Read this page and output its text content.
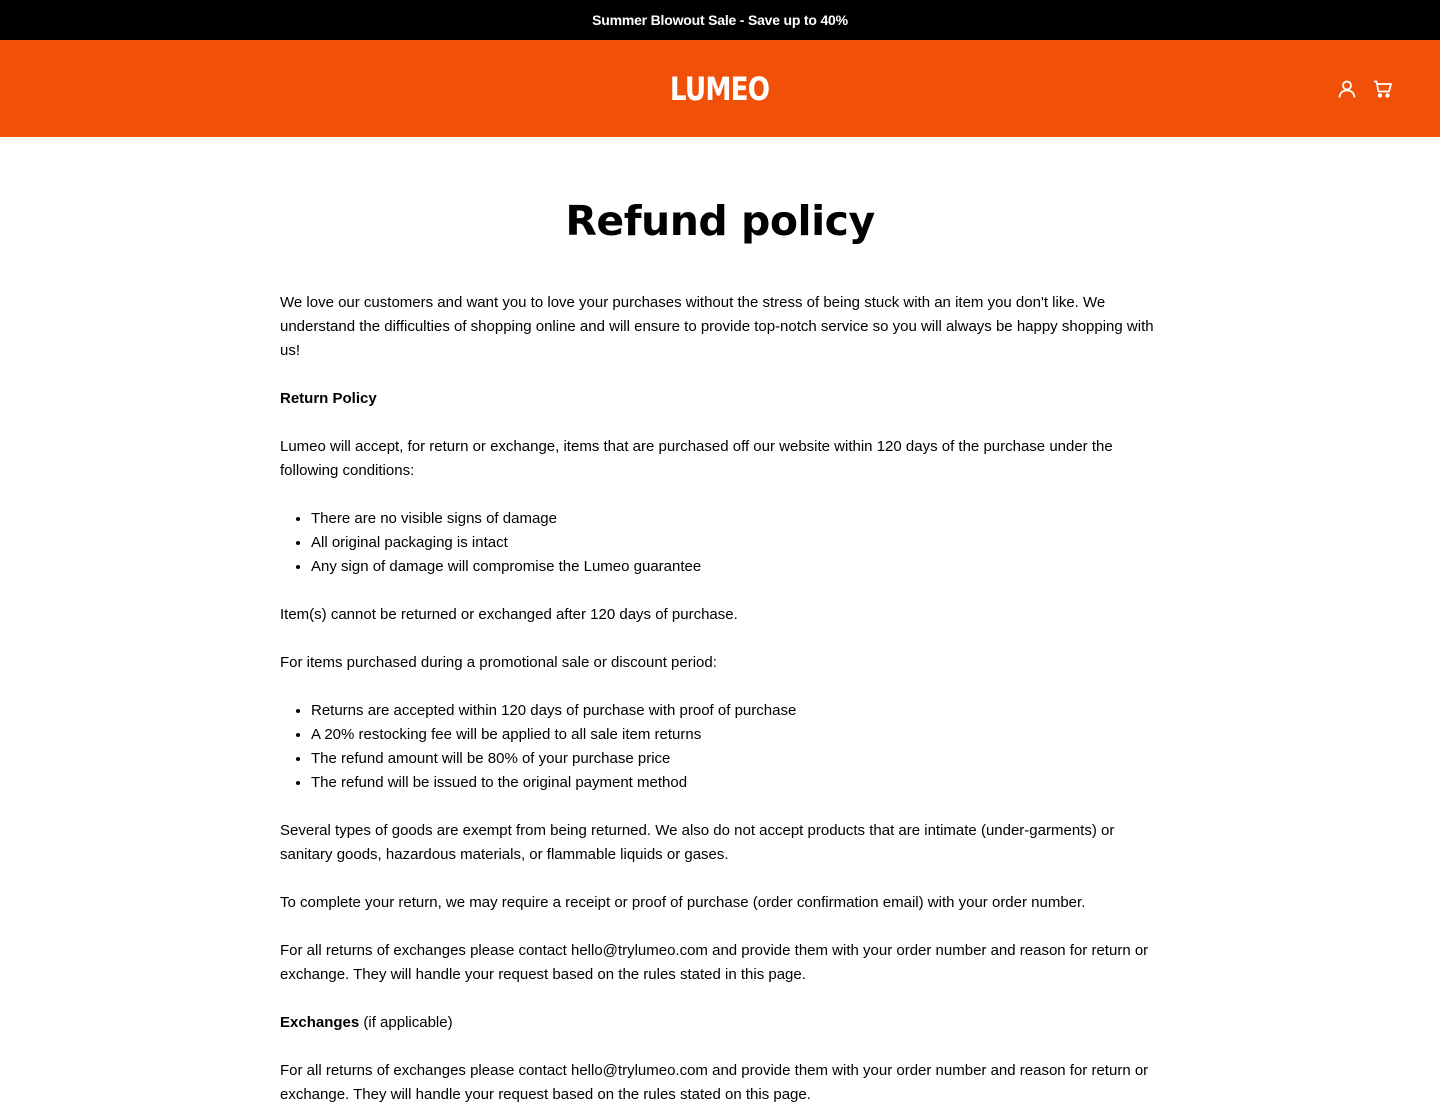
Summer Blowout Sale - Save up to 40%
LUMEO
Refund policy

We love our customers and want you to love your purchases without the stress of being stuck with an item you don't like. We understand the difficulties of shopping online and will ensure to provide top-notch service so you will always be happy shopping with us!

Return Policy

Lumeo will accept, for return or exchange, items that are purchased off our website within 120 days of the purchase under the following conditions:

• There are no visible signs of damage
• All original packaging is intact
• Any sign of damage will compromise the Lumeo guarantee

Item(s) cannot be returned or exchanged after 120 days of purchase.

For items purchased during a promotional sale or discount period:

• Returns are accepted within 120 days of purchase with proof of purchase
• A 20% restocking fee will be applied to all sale item returns
• The refund amount will be 80% of your purchase price
• The refund will be issued to the original payment method

Several types of goods are exempt from being returned. We also do not accept products that are intimate (under-garments) or sanitary goods, hazardous materials, or flammable liquids or gases.

To complete your return, we may require a receipt or proof of purchase (order confirmation email) with your order number.

For all returns of exchanges please contact hello@trylumeo.com and provide them with your order number and reason for return or exchange. They will handle your request based on the rules stated in this page.

Exchanges (if applicable)

For all returns of exchanges please contact hello@trylumeo.com and provide them with your order number and reason for return or exchange. They will handle your request based on the rules stated on this page.
